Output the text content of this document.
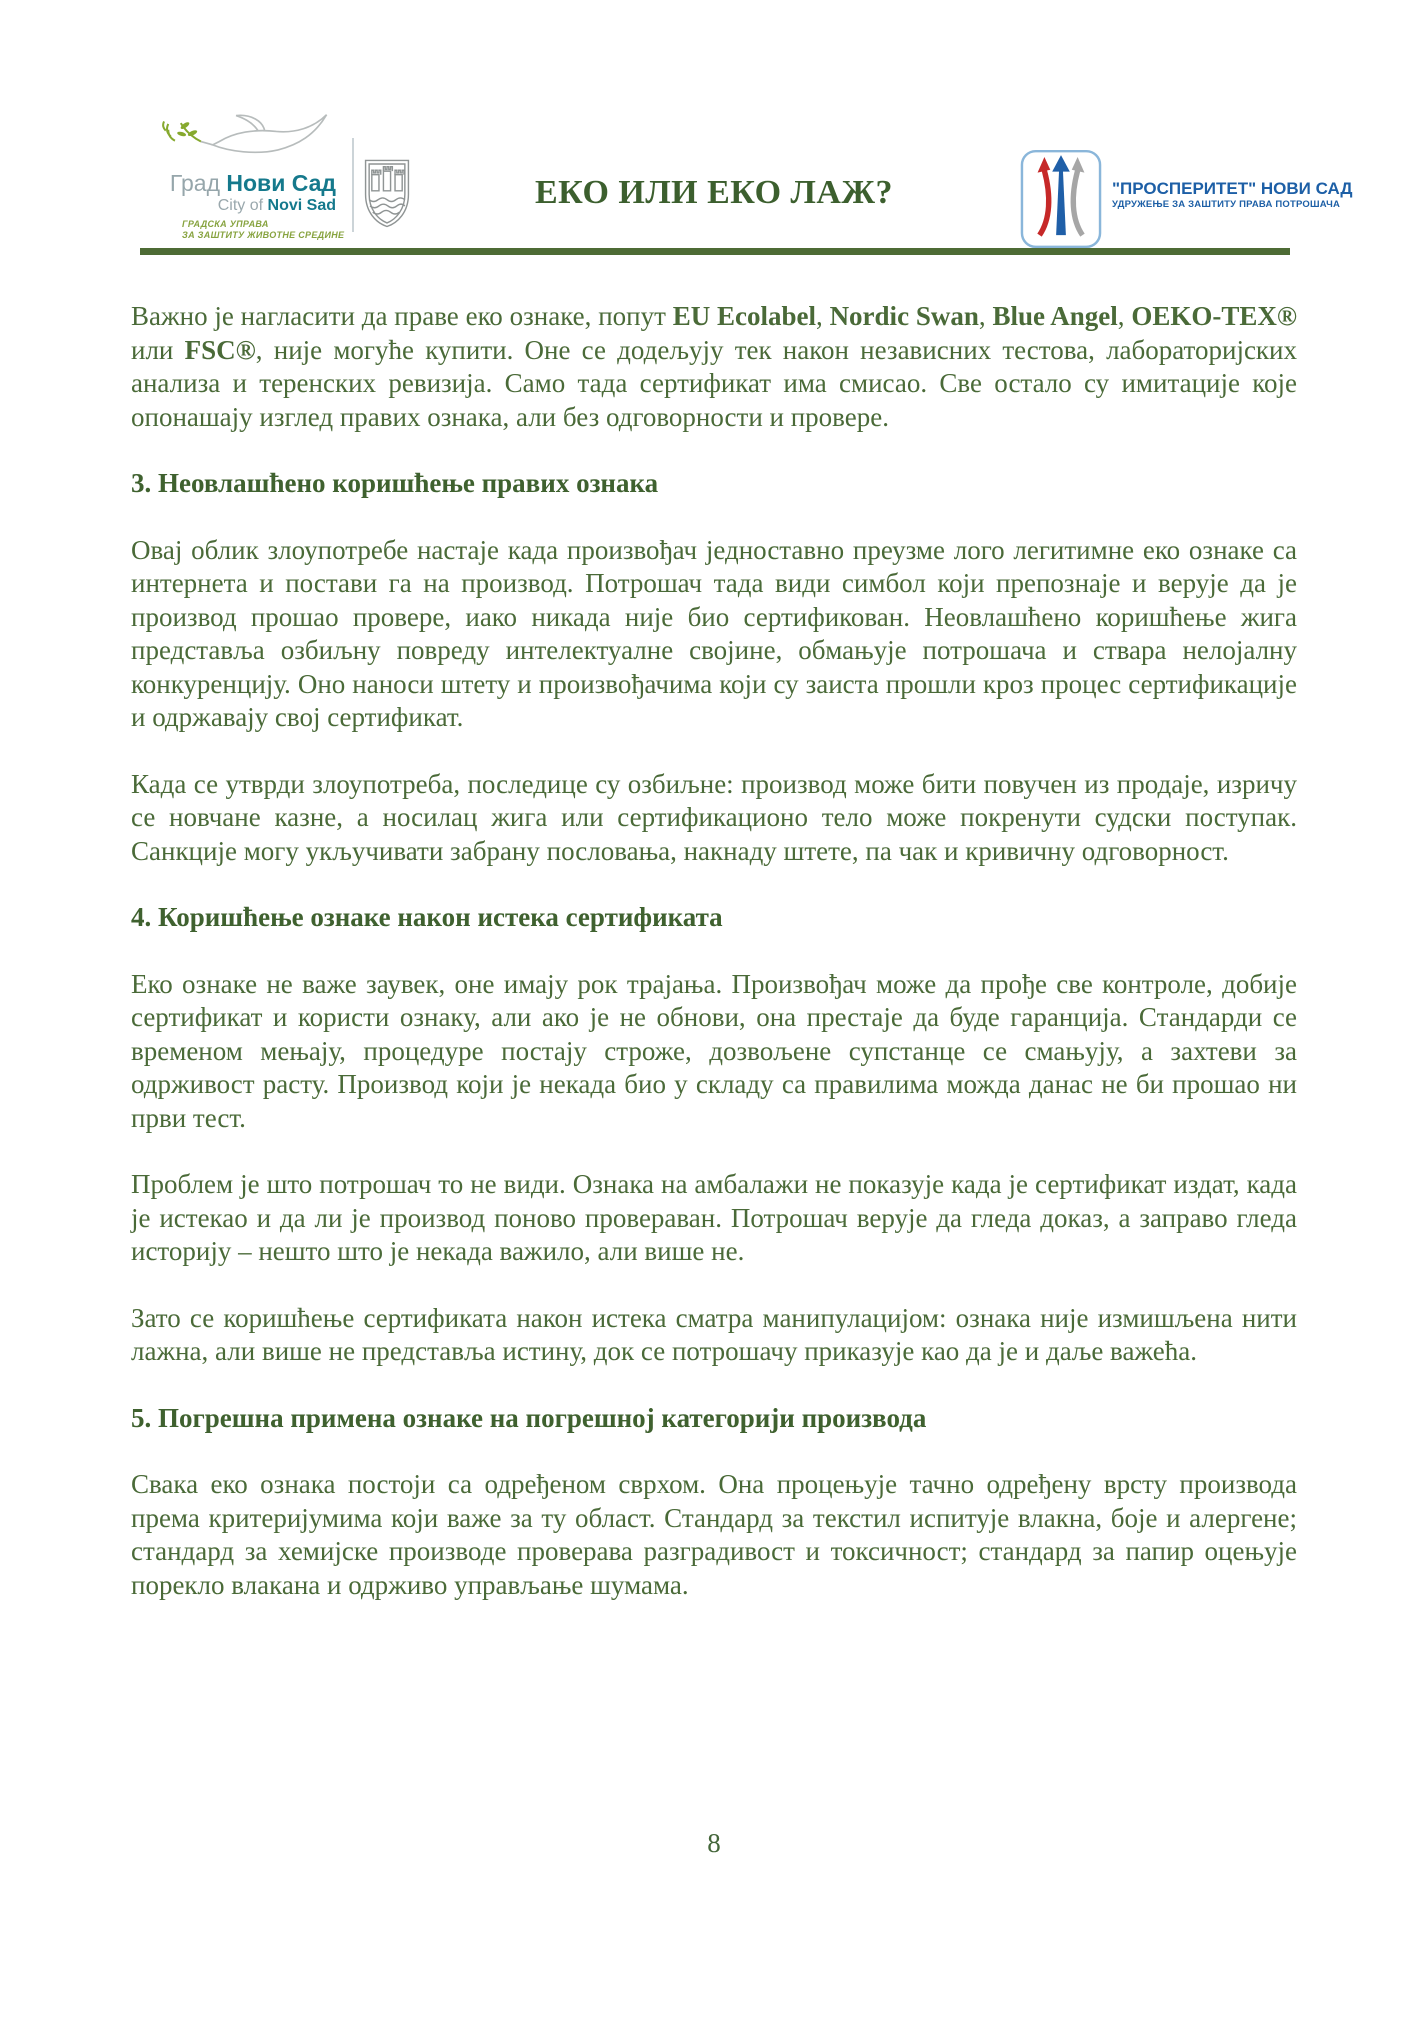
Град Нови Сад
City of Novi Sad
ГРАДСКА УПРАВА
ЗА ЗАШТИТУ ЖИВОТНЕ СРЕДИНЕ
ЕКО ИЛИ ЕКО ЛАЖ?	"ПРОСПЕРИТЕТ" НОВИ САД
УДРУЖЕЊЕ ЗА ЗАШТИТУ ПРАВА ПОТРОШАЧА

Важно је нагласити да праве еко ознаке, попут EU Ecolabel, Nordic Swan, Blue Angel, OEKO-TEX® или FSC®, није могуће купити. Оне се додељују тек након независних тестова, лабораторијских анализа и теренских ревизија. Само тада сертификат има смисао. Све остало су имитације које опонашају изглед правих ознака, али без одговорности и провере.

3. Неовлашћено коришћење правих ознака

Овај облик злоупотребе настаје када произвођач једноставно преузме лого легитимне еко ознаке са интернета и постави га на производ. Потрошач тада види симбол који препознаје и верује да је производ прошао провере, иако никада није био сертификован. Неовлашћено коришћење жига представља озбиљну повреду интелектуалне својине, обмањује потрошача и ствара нелојалну конкуренцију. Оно наноси штету и произвођачима који су заиста прошли кроз процес сертификације и одржавају свој сертификат.

Када се утврди злоупотреба, последице су озбиљне: производ може бити повучен из продаје, изричу се новчане казне, а носилац жига или сертификационо тело може покренути судски поступак. Санкције могу укључивати забрану пословања, накнаду штете, па чак и кривичну одговорност.

4. Коришћење ознаке након истека сертификата

Еко ознаке не важе заувек, оне имају рок трајања. Произвођач може да прође све контроле, добије сертификат и користи ознаку, али ако је не обнови, она престаје да буде гаранција. Стандарди се временом мењају, процедуре постају строже, дозвољене супстанце се смањују, а захтеви за одрживост расту. Производ који је некада био у складу са правилима можда данас не би прошао ни први тест.

Проблем је што потрошач то не види. Ознака на амбалажи не показује када је сертификат издат, када је истекао и да ли је производ поново провераван. Потрошач верује да гледа доказ, а заправо гледа историју – нешто што је некада важило, али више не.

Зато се коришћење сертификата након истека сматра манипулацијом: ознака није измишљена нити лажна, али више не представља истину, док се потрошачу приказује као да је и даље важећа.

5. Погрешна примена ознаке на погрешној категорији производа

Свака еко ознака постоји са одређеном сврхом. Она процењује тачно одређену врсту производа према критеријумима који важе за ту област. Стандард за текстил испитује влакна, боје и алергене; стандард за хемијске производе проверава разградивост и токсичност; стандард за папир оцењује порекло влакана и одрживо управљање шумама.

8
